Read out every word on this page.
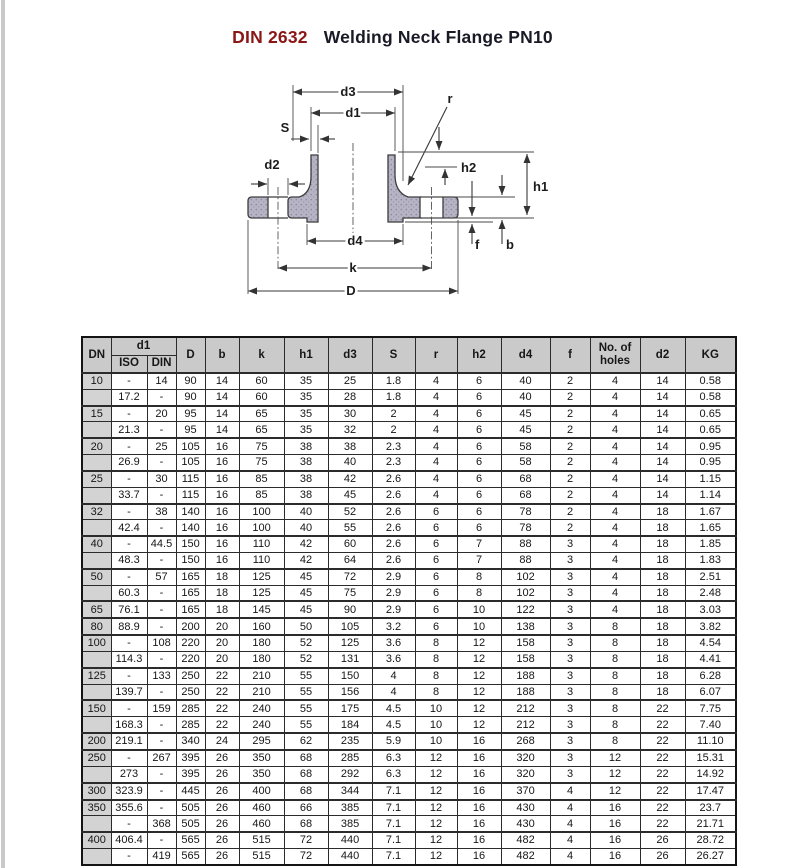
DIN 2632 Welding Neck Flange PN10
d3
d1
S
d2
r
h2
h1
f b
d4
k
D
DN	d1		D	b	k	h1	d3	S	r	h2	d4	f	No. of holes	d2	KG
	ISO	DIN													
10	-	14	90	14	60	35	25	1.8	4	6	40	2	4	14	0.58
	17.2	-	90	14	60	35	28	1.8	4	6	40	2	4	14	0.58
15	-	20	95	14	65	35	30	2	4	6	45	2	4	14	0.65
	21.3	-	95	14	65	35	32	2	4	6	45	2	4	14	0.65
20	-	25	105	16	75	38	38	2.3	4	6	58	2	4	14	0.95
	26.9	-	105	16	75	38	40	2.3	4	6	58	2	4	14	0.95
25	-	30	115	16	85	38	42	2.6	4	6	68	2	4	14	1.15
	33.7	-	115	16	85	38	45	2.6	4	6	68	2	4	14	1.14
32	-	38	140	16	100	40	52	2.6	6	6	78	2	4	18	1.67
	42.4	-	140	16	100	40	55	2.6	6	6	78	2	4	18	1.65
40	-	44.5	150	16	110	42	60	2.6	6	7	88	3	4	18	1.85
	48.3	-	150	16	110	42	64	2.6	6	7	88	3	4	18	1.83
50	-	57	165	18	125	45	72	2.9	6	8	102	3	4	18	2.51
	60.3	-	165	18	125	45	75	2.9	6	8	102	3	4	18	2.48
65	76.1	-	165	18	145	45	90	2.9	6	10	122	3	4	18	3.03
80	88.9	-	200	20	160	50	105	3.2	6	10	138	3	8	18	3.82
100	-	108	220	20	180	52	125	3.6	8	12	158	3	8	18	4.54
	114.3	-	220	20	180	52	131	3.6	8	12	158	3	8	18	4.41
125	-	133	250	22	210	55	150	4	8	12	188	3	8	18	6.28
	139.7	-	250	22	210	55	156	4	8	12	188	3	8	18	6.07
150	-	159	285	22	240	55	175	4.5	10	12	212	3	8	22	7.75
	168.3	-	285	22	240	55	184	4.5	10	12	212	3	8	22	7.40
200	219.1	-	340	24	295	62	235	5.9	10	16	268	3	8	22	11.10
250	-	267	395	26	350	68	285	6.3	12	16	320	3	12	22	15.31
	273	-	395	26	350	68	292	6.3	12	16	320	3	12	22	14.92
300	323.9	-	445	26	400	68	344	7.1	12	16	370	4	12	22	17.47
350	355.6	-	505	26	460	66	385	7.1	12	16	430	4	16	22	23.7
	-	368	505	26	460	68	385	7.1	12	16	430	4	16	22	21.71
400	406.4	-	565	26	515	72	440	7.1	12	16	482	4	16	26	28.72
	-	419	565	26	515	72	440	7.1	12	16	482	4	16	26	26.27
